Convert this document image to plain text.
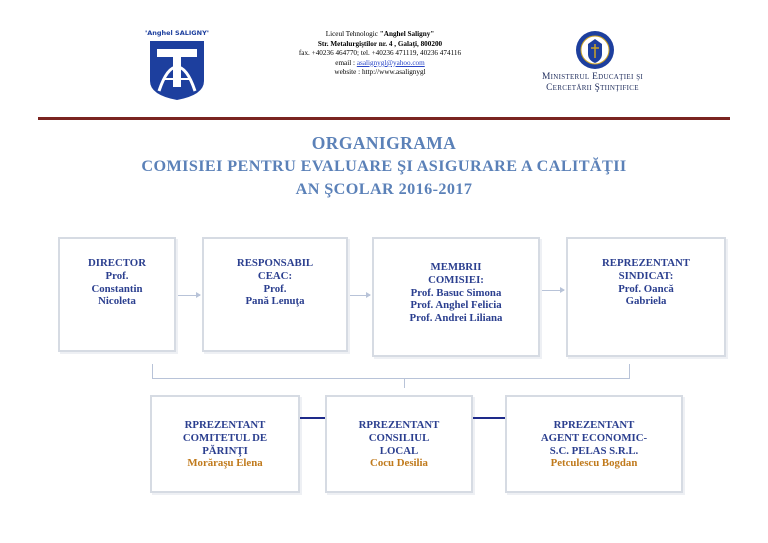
"Anghel SALIGNY"	Liceul Tehnologic "Anghel Saligny"
Str. Metalurgiştilor nr. 4 , Galaţi, 800200
fax. +40236 464770; tel. +40236 471119, 40236 474116
email : asalignygl@yahoo.com
website : http://www.asalignygl	Ministerul Educaţiei şi
Cercetării Ştiinţifice
ORGANIGRAMA
COMISIEI PENTRU EVALUARE ŞI ASIGURARE A CALITĂŢII
AN ŞCOLAR 2016-2017
DIRECTOR
Prof.
Constantin
Nicoleta
RESPONSABIL
CEAC:
Prof.
Pană Lenuţa
MEMBRII
COMISIEI:
Prof. Basuc Simona
Prof. Anghel Felicia
Prof. Andrei Liliana
REPREZENTANT
SINDICAT:
Prof. Oancă
Gabriela
RPREZENTANT
COMITETUL DE
PĂRINŢI
Morăraşu Elena
RPREZENTANT
CONSILIUL
LOCAL
Cocu Desilia
RPREZENTANT
AGENT ECONOMIC-
S.C. PELAS S.R.L.
Petculescu Bogdan
